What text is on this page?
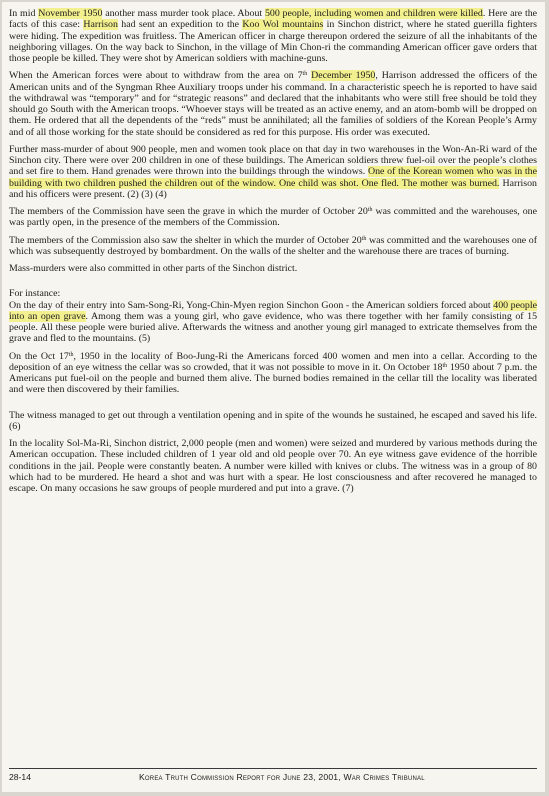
In mid November 1950 another mass murder took place. About 500 people, including women and children were killed. Here are the facts of this case: Harrison had sent an expedition to the Koo Wol mountains in Sinchon district, where he stated guerilla fighters were hiding. The expedition was fruitless. The American officer in charge thereupon ordered the seizure of all the inhabitants of the neighboring villages. On the way back to Sinchon, in the village of Min Chon-ri the commanding American officer gave orders that those people be killed. They were shot by American soldiers with machine-guns.

When the American forces were about to withdraw from the area on 7th December 1950, Harrison addressed the officers of the American units and of the Syngman Rhee Auxiliary troops under his command. In a characteristic speech he is reported to have said the withdrawal was “temporary” and for “strategic reasons” and declared that the inhabitants who were still free should be told they should go South with the American troops. “Whoever stays will be treated as an active enemy, and an atom-bomb will be dropped on them. He ordered that all the dependents of the “reds” must be annihilated; all the families of soldiers of the Korean People’s Army and of all those working for the state should be considered as red for this purpose. His order was executed.

Further mass-murder of about 900 people, men and women took place on that day in two warehouses in the Won-An-Ri ward of the Sinchon city. There were over 200 children in one of these buildings. The American soldiers threw fuel-oil over the people’s clothes and set fire to them. Hand grenades were thrown into the buildings through the windows. One of the Korean women who was in the building with two children pushed the children out of the window. One child was shot. One fled. The mother was burned. Harrison and his officers were present. (2) (3) (4)

The members of the Commission have seen the grave in which the murder of October 20th was committed and the warehouses, one was partly open, in the presence of the members of the Commission.

The members of the Commission also saw the shelter in which the murder of October 20th was committed and the warehouses one of which was subsequently destroyed by bombardment. On the walls of the shelter and the warehouse there are traces of burning.

Mass-murders were also committed in other parts of the Sinchon district.

For instance:
On the day of their entry into Sam-Song-Ri, Yong-Chin-Myen region Sinchon Goon - the American soldiers forced about 400 people into an open grave. Among them was a young girl, who gave evidence, who was there together with her family consisting of 15 people. All these people were buried alive. Afterwards the witness and another young girl managed to extricate themselves from the grave and fled to the mountains. (5)

On the Oct 17th, 1950 in the locality of Boo-Jung-Ri the Americans forced 400 women and men into a cellar. According to the deposition of an eye witness the cellar was so crowded, that it was not possible to move in it. On October 18th 1950 about 7 p.m. the Americans put fuel-oil on the people and burned them alive. The burned bodies remained in the cellar till the locality was liberated and were then discovered by their families.

The witness managed to get out through a ventilation opening and in spite of the wounds he sustained, he escaped and saved his life. (6)

In the locality Sol-Ma-Ri, Sinchon district, 2,000 people (men and women) were seized and murdered by various methods during the American occupation. These included children of 1 year old and old people over 70. An eye witness gave evidence of the horrible conditions in the jail. People were constantly beaten. A number were killed with knives or clubs. The witness was in a group of 80 which had to be murdered. He heard a shot and was hurt with a spear. He lost consciousness and after recovered he managed to escape. On many occasions he saw groups of people murdered and put into a grave. (7)

28-14	Korea Truth Commission Report for June 23, 2001, War Crimes Tribunal
